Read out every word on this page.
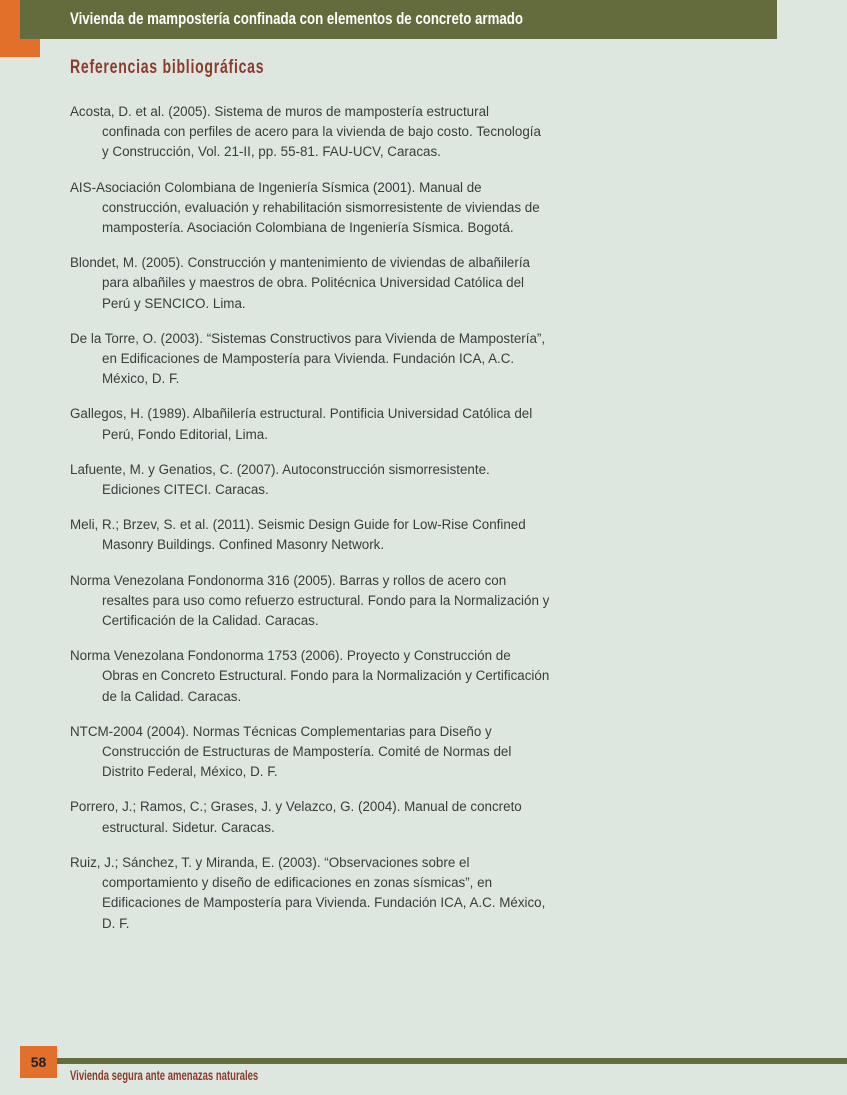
Vivienda de mampostería confinada con elementos de concreto armado
Referencias bibliográficas
Acosta, D. et al. (2005). Sistema de muros de mampostería estructural confinada con perfiles de acero para la vivienda de bajo costo. Tecnología y Construcción, Vol. 21-II, pp. 55-81. FAU-UCV, Caracas.
AIS-Asociación Colombiana de Ingeniería Sísmica (2001). Manual de construcción, evaluación y rehabilitación sismorresistente de viviendas de mampostería. Asociación Colombiana de Ingeniería Sísmica. Bogotá.
Blondet, M. (2005). Construcción y mantenimiento de viviendas de albañilería para albañiles y maestros de obra. Politécnica Universidad Católica del Perú y SENCICO. Lima.
De la Torre, O. (2003). “Sistemas Constructivos para Vivienda de Mampostería”, en Edificaciones de Mampostería para Vivienda. Fundación ICA, A.C. México, D. F.
Gallegos, H. (1989). Albañilería estructural. Pontificia Universidad Católica del Perú, Fondo Editorial, Lima.
Lafuente, M. y Genatios, C. (2007). Autoconstrucción sismorresistente. Ediciones CITECI. Caracas.
Meli, R.; Brzev, S. et al. (2011). Seismic Design Guide for Low-Rise Confined Masonry Buildings. Confined Masonry Network.
Norma Venezolana Fondonorma 316 (2005). Barras y rollos de acero con resaltes para uso como refuerzo estructural. Fondo para la Normalización y Certificación de la Calidad. Caracas.
Norma Venezolana Fondonorma 1753 (2006). Proyecto y Construcción de Obras en Concreto Estructural. Fondo para la Normalización y Certificación de la Calidad. Caracas.
NTCM-2004 (2004). Normas Técnicas Complementarias para Diseño y Construcción de Estructuras de Mampostería. Comité de Normas del Distrito Federal, México, D. F.
Porrero, J.; Ramos, C.; Grases, J. y Velazco, G. (2004). Manual de concreto estructural. Sidetur. Caracas.
Ruiz, J.; Sánchez, T. y Miranda, E. (2003). “Observaciones sobre el comportamiento y diseño de edificaciones en zonas sísmicas”, en Edificaciones de Mampostería para Vivienda. Fundación ICA, A.C. México, D. F.
58
Vivienda segura ante amenazas naturales
